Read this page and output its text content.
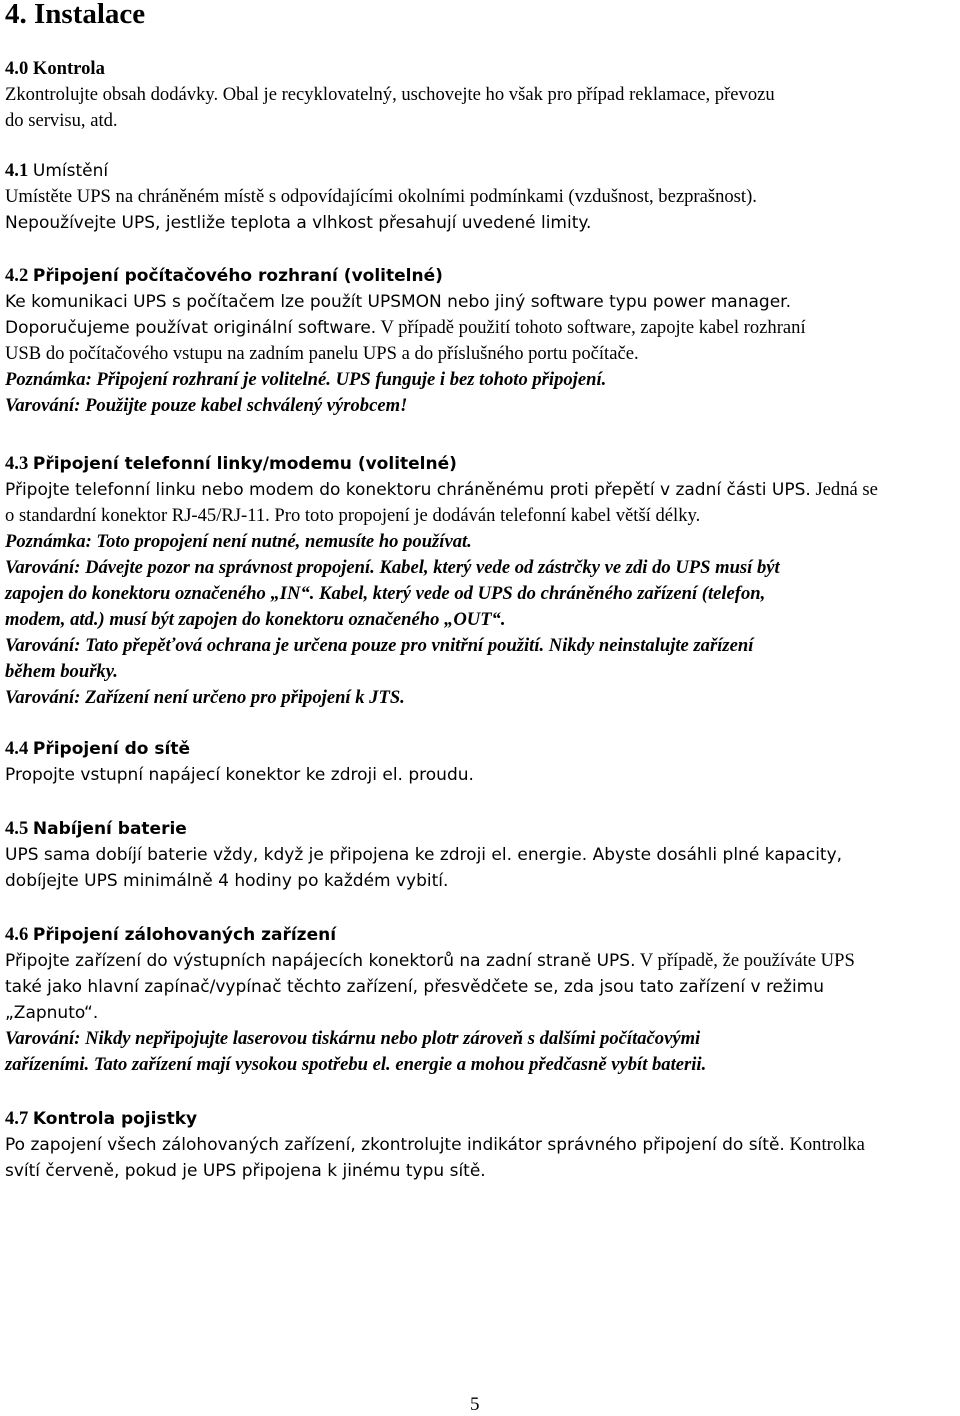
4. Instalace
4.0 Kontrola
Zkontrolujte obsah dodávky. Obal je recyklovatelný, uschovejte ho však pro případ reklamace, převozu
do servisu, atd.
4.1 Umístění
Umístěte UPS na chráněném místě s odpovídajícími okolními podmínkami (vzdušnost, bezprašnost).
Nepoužívejte UPS, jestliže teplota a vlhkost přesahují uvedené limity.
4.2 Připojení počítačového rozhraní (volitelné)
Ke komunikaci UPS s počítačem lze použít UPSMON nebo jiný software typu power manager.
Doporučujeme používat originální software. V případě použití tohoto software, zapojte kabel rozhraní
USB do počítačového vstupu na zadním panelu UPS a do příslušného portu počítače.
Poznámka: Připojení rozhraní je volitelné. UPS funguje i bez tohoto připojení.
Varování: Použijte pouze kabel schválený výrobcem!
4.3 Připojení telefonní linky/modemu (volitelné)
Připojte telefonní linku nebo modem do konektoru chráněnému proti přepětí v zadní části UPS. Jedná se
o standardní konektor RJ-45/RJ-11. Pro toto propojení je dodáván telefonní kabel větší délky.
Poznámka: Toto propojení není nutné, nemusíte ho používat.
Varování: Dávejte pozor na správnost propojení. Kabel, který vede od zástrčky ve zdi do UPS musí být
zapojen do konektoru označeného „IN“. Kabel, který vede od UPS do chráněného zařízení (telefon,
modem, atd.) musí být zapojen do konektoru označeného „OUT“.
Varování: Tato přepěťová ochrana je určena pouze pro vnitřní použití. Nikdy neinstalujte zařízení
během bouřky.
Varování: Zařízení není určeno pro připojení k JTS.
4.4 Připojení do sítě
Propojte vstupní napájecí konektor ke zdroji el. proudu.
4.5 Nabíjení baterie
UPS sama dobíjí baterie vždy, když je připojena ke zdroji el. energie. Abyste dosáhli plné kapacity,
dobíjejte UPS minimálně 4 hodiny po každém vybití.
4.6 Připojení zálohovaných zařízení
Připojte zařízení do výstupních napájecích konektorů na zadní straně UPS. V případě, že používáte UPS
také jako hlavní zapínač/vypínač těchto zařízení, přesvědčete se, zda jsou tato zařízení v režimu
„Zapnuto“.
Varování: Nikdy nepřipojujte laserovou tiskárnu nebo plotr zároveň s dalšími počítačovými
zařízeními. Tato zařízení mají vysokou spotřebu el. energie a mohou předčasně vybít baterii.
4.7 Kontrola pojistky
Po zapojení všech zálohovaných zařízení, zkontrolujte indikátor správného připojení do sítě. Kontrolka
svítí červeně, pokud je UPS připojena k jinému typu sítě.
5
